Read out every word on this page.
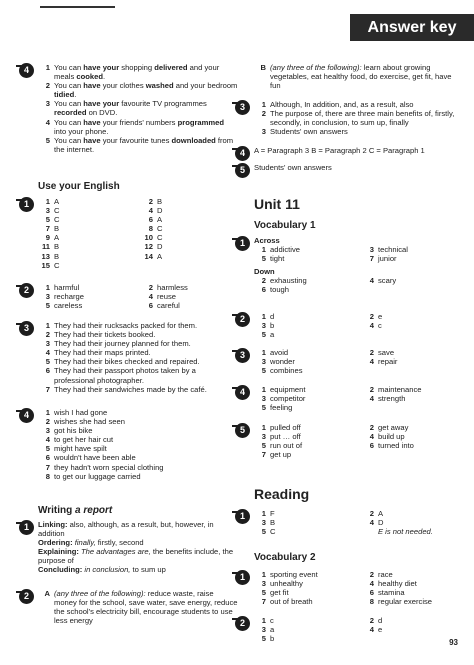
Answer key
4	1 You can have your shopping delivered and your meals cooked.
2 You can have your clothes washed and your bedroom tidied.
3 You can have your favourite TV programmes recorded on DVD.
4 You can have your friends' numbers programmed into your phone.
5 You can have your favourite tunes downloaded from the internet.
Use your English
1	1 A	2 B
3 C	4 D
5 C	6 A
7 B	8 C
9 A	10 C
11 B	12 D
13 B	14 A
15 C
2	1 harmful	2 harmless
3 recharge	4 reuse
5 careless	6 careful
3	1 They had their rucksacks packed for them.
2 They had their tickets booked.
3 They had their journey planned for them.
4 They had their maps printed.
5 They had their bikes checked and repaired.
6 They had their passport photos taken by a professional photographer.
7 They had their sandwiches made by the café.
4	1 wish I had gone
2 wishes she had seen
3 got his bike
4 to get her hair cut
5 might have spilt
6 wouldn't have been able
7 they hadn't worn special clothing
8 to get our luggage carried
Writing a report
1	Linking: also, although, as a result, but, however, in addition
Ordering: finally, firstly, second
Explaining: The advantages are, the benefits include, the purpose of
Concluding: in conclusion, to sum up
2	A (any three of the following): reduce waste, raise money for the school, save water, save energy, reduce the school's electricity bill, encourage students to use less energy
B (any three of the following): learn about growing vegetables, eat healthy food, do exercise, get fit, have fun
3	1 Although, In addition, and, as a result, also
2 The purpose of, there are three main benefits of, firstly, secondly, in conclusion, to sum up, finally
3 Students' own answers
4	A = Paragraph 3 B = Paragraph 2 C = Paragraph 1
5	Students' own answers
Unit 11
Vocabulary 1
1	Across
1 addictive	3 technical
5 tight	7 junior
Down
2 exhausting	4 scary
6 tough
2	1 d	2 e
3 b	4 c
5 a
3	1 avoid	2 save
3 wonder	4 repair
5 combines
4	1 equipment	2 maintenance
3 competitor	4 strength
5 feeling
5	1 pulled off	2 get away
3 put … off	4 build up
5 run out of	6 turned into
7 get up
Reading
1	1 F	2 A
3 B	4 D
5 C	E is not needed.
Vocabulary 2
1	1 sporting event	2 race
3 unhealthy	4 healthy diet
5 get fit	6 stamina
7 out of breath	8 regular exercise
2	1 c	2 d
3 a	4 e
5 b	93
